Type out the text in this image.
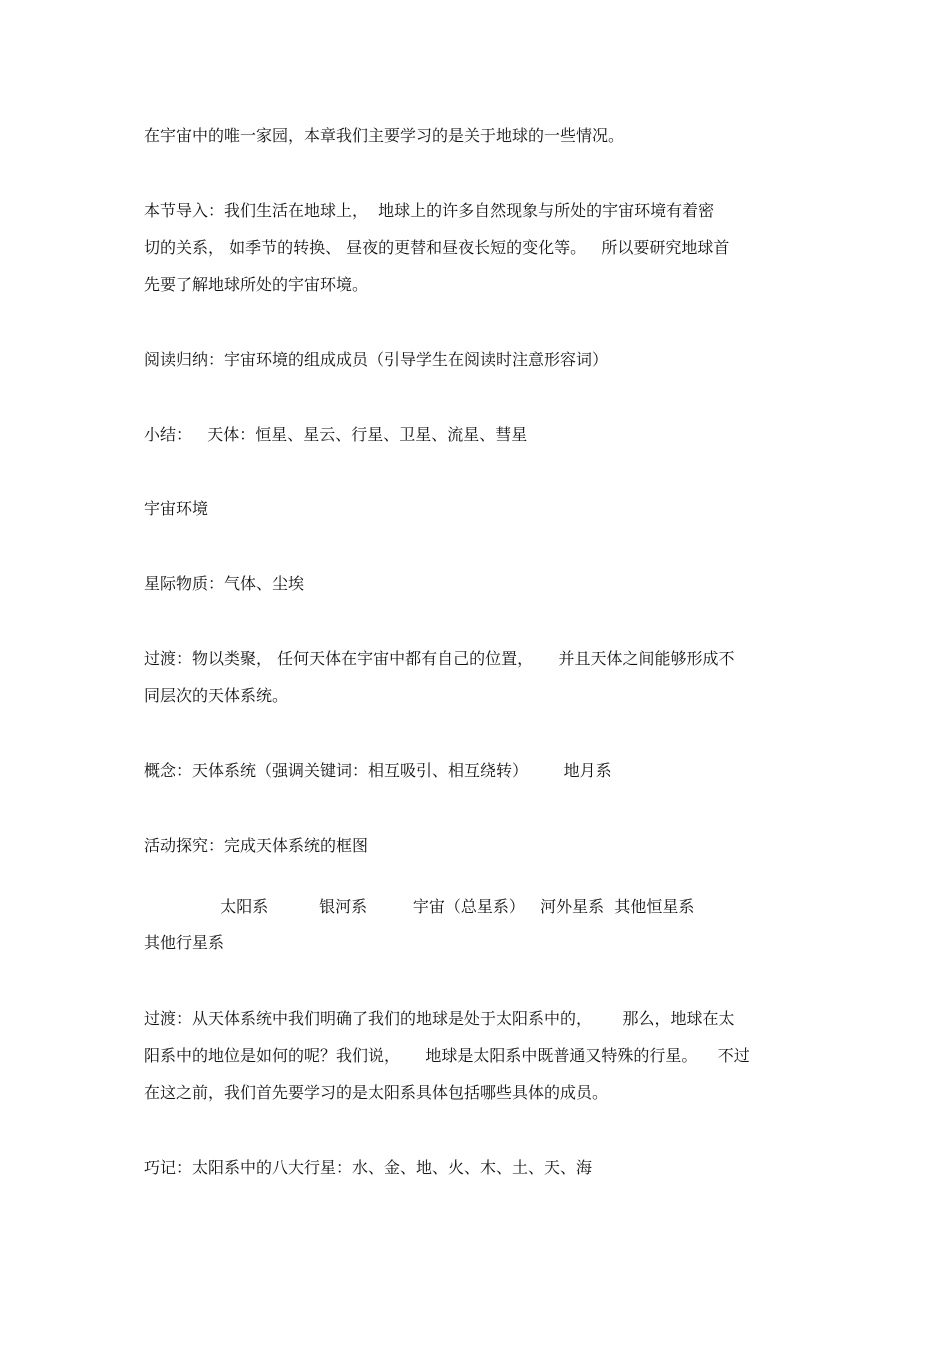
在宇宙中的唯一家园，本章我们主要学习的是关于地球的一些情况。
本节导入：我们生活在地球上，  地球上的许多自然现象与所处的宇宙环境有着密
切的关系， 如季节的转换、 昼夜的更替和昼夜长短的变化等。   所以要研究地球首
先要了解地球所处的宇宙环境。
阅读归纳：宇宙环境的组成成员（引导学生在阅读时注意形容词）
小结：   天体：恒星、星云、行星、卫星、流星、彗星
宇宙环境
星际物质：气体、尘埃
过渡：物以类聚， 任何天体在宇宙中都有自己的位置，     并且天体之间能够形成不
同层次的天体系统。
概念：天体系统（强调关键词：相互吸引、相互绕转）       地月系
活动探究：完成天体系统的框图
太阳系          银河系         宇宙（总星系）   河外星系  其他恒星系
其他行星系
过渡：从天体系统中我们明确了我们的地球是处于太阳系中的，      那么，地球在太
阳系中的地位是如何的呢？我们说，     地球是太阳系中既普通又特殊的行星。    不过
在这之前，我们首先要学习的是太阳系具体包括哪些具体的成员。
巧记：太阳系中的八大行星：水、金、地、火、木、土、天、海
